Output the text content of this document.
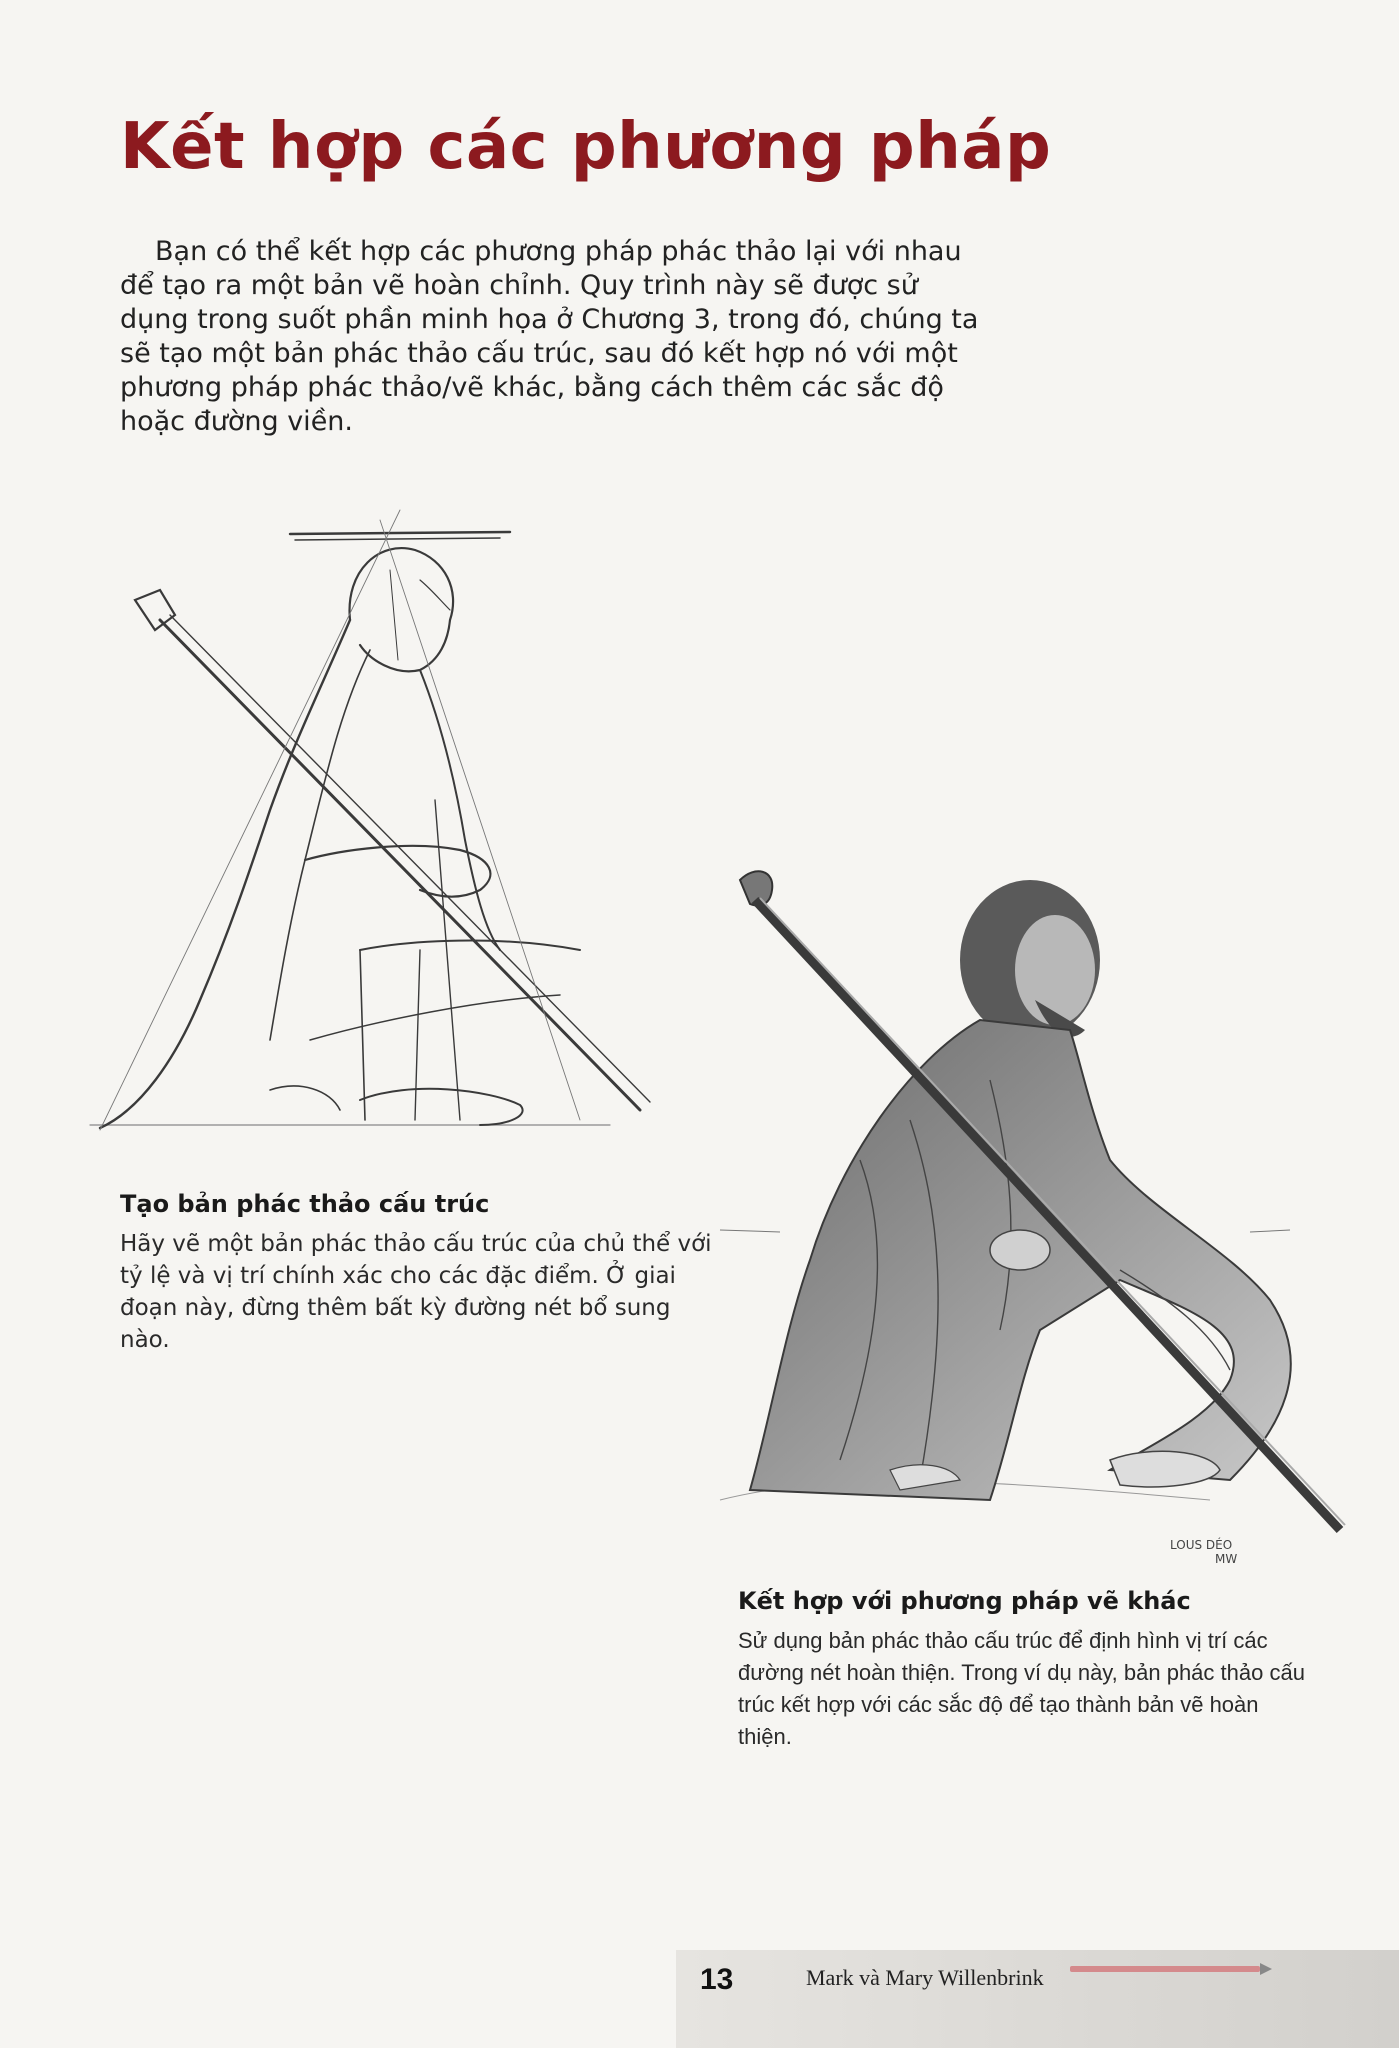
Kết hợp các phương pháp

Bạn có thể kết hợp các phương pháp phác thảo lại với nhau để tạo ra một bản vẽ hoàn chỉnh. Quy trình này sẽ được sử dụng trong suốt phần minh họa ở Chương 3, trong đó, chúng ta sẽ tạo một bản phác thảo cấu trúc, sau đó kết hợp nó với một phương pháp phác thảo/vẽ khác, bằng cách thêm các sắc độ hoặc đường viền.

LOUS DÉO
MW
Tạo bản phác thảo cấu trúc

Hãy vẽ một bản phác thảo cấu trúc của chủ thể với tỷ lệ và vị trí chính xác cho các đặc điểm. Ở giai đoạn này, đừng thêm bất kỳ đường nét bổ sung nào.

Kết hợp với phương pháp vẽ khác

Sử dụng bản phác thảo cấu trúc để định hình vị trí các đường nét hoàn thiện. Trong ví dụ này, bản phác thảo cấu trúc kết hợp với các sắc độ để tạo thành bản vẽ hoàn thiện.

13	Mark và Mary Willenbrink
